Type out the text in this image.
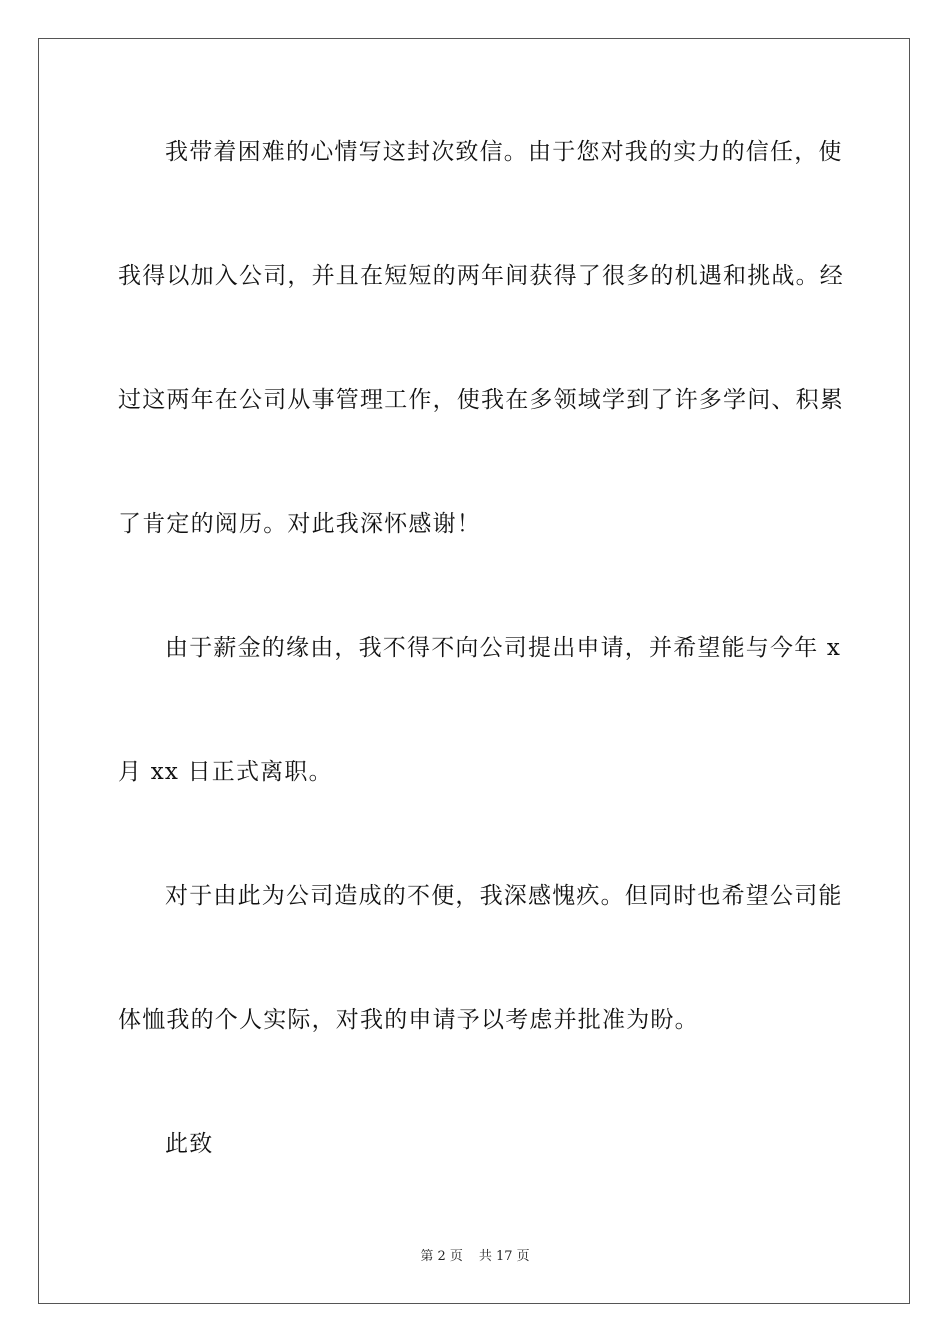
我带着困难的心情写这封次致信。由于您对我的实力的信任，使
我得以加入公司，并且在短短的两年间获得了很多的机遇和挑战。经
过这两年在公司从事管理工作，使我在多领域学到了许多学问、积累
了肯定的阅历。对此我深怀感谢！
由于薪金的缘由，我不得不向公司提出申请，并希望能与今年 x
月 xx 日正式离职。
对于由此为公司造成的不便，我深感愧疚。但同时也希望公司能
体恤我的个人实际，对我的申请予以考虑并批准为盼。
此致
第 2 页 共 17 页
